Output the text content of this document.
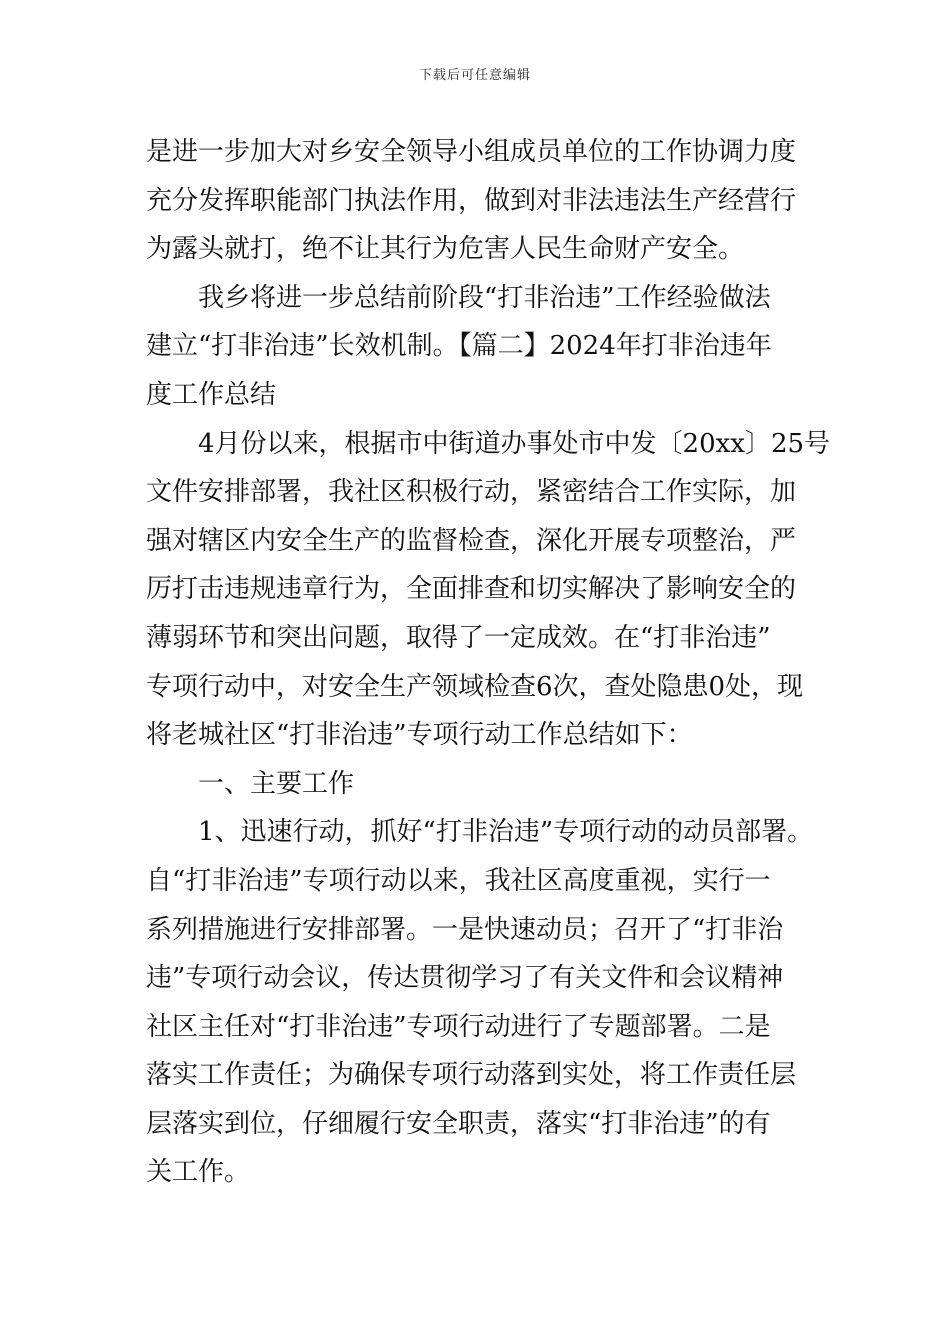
下载后可任意编辑
是进一步加大对乡安全领导小组成员单位的工作协调力度
充分发挥职能部门执法作用，做到对非法违法生产经营行
为露头就打，绝不让其行为危害人民生命财产安全。
我乡将进一步总结前阶段“打非治违”工作经验做法
建立“打非治违”长效机制。【篇二】2024年打非治违年
度工作总结
4月份以来，根据市中街道办事处市中发〔20xx〕25号
文件安排部署，我社区积极行动，紧密结合工作实际，加
强对辖区内安全生产的监督检查，深化开展专项整治，严
厉打击违规违章行为，全面排查和切实解决了影响安全的
薄弱环节和突出问题，取得了一定成效。在“打非治违”
专项行动中，对安全生产领域检查6次，查处隐患0处，现
将老城社区“打非治违”专项行动工作总结如下：
一、主要工作
1、迅速行动，抓好“打非治违”专项行动的动员部署。
自“打非治违”专项行动以来，我社区高度重视，实行一
系列措施进行安排部署。一是快速动员；召开了“打非治
违”专项行动会议，传达贯彻学习了有关文件和会议精神
社区主任对“打非治违”专项行动进行了专题部署。二是
落实工作责任；为确保专项行动落到实处，将工作责任层
层落实到位，仔细履行安全职责，落实“打非治违”的有
关工作。
